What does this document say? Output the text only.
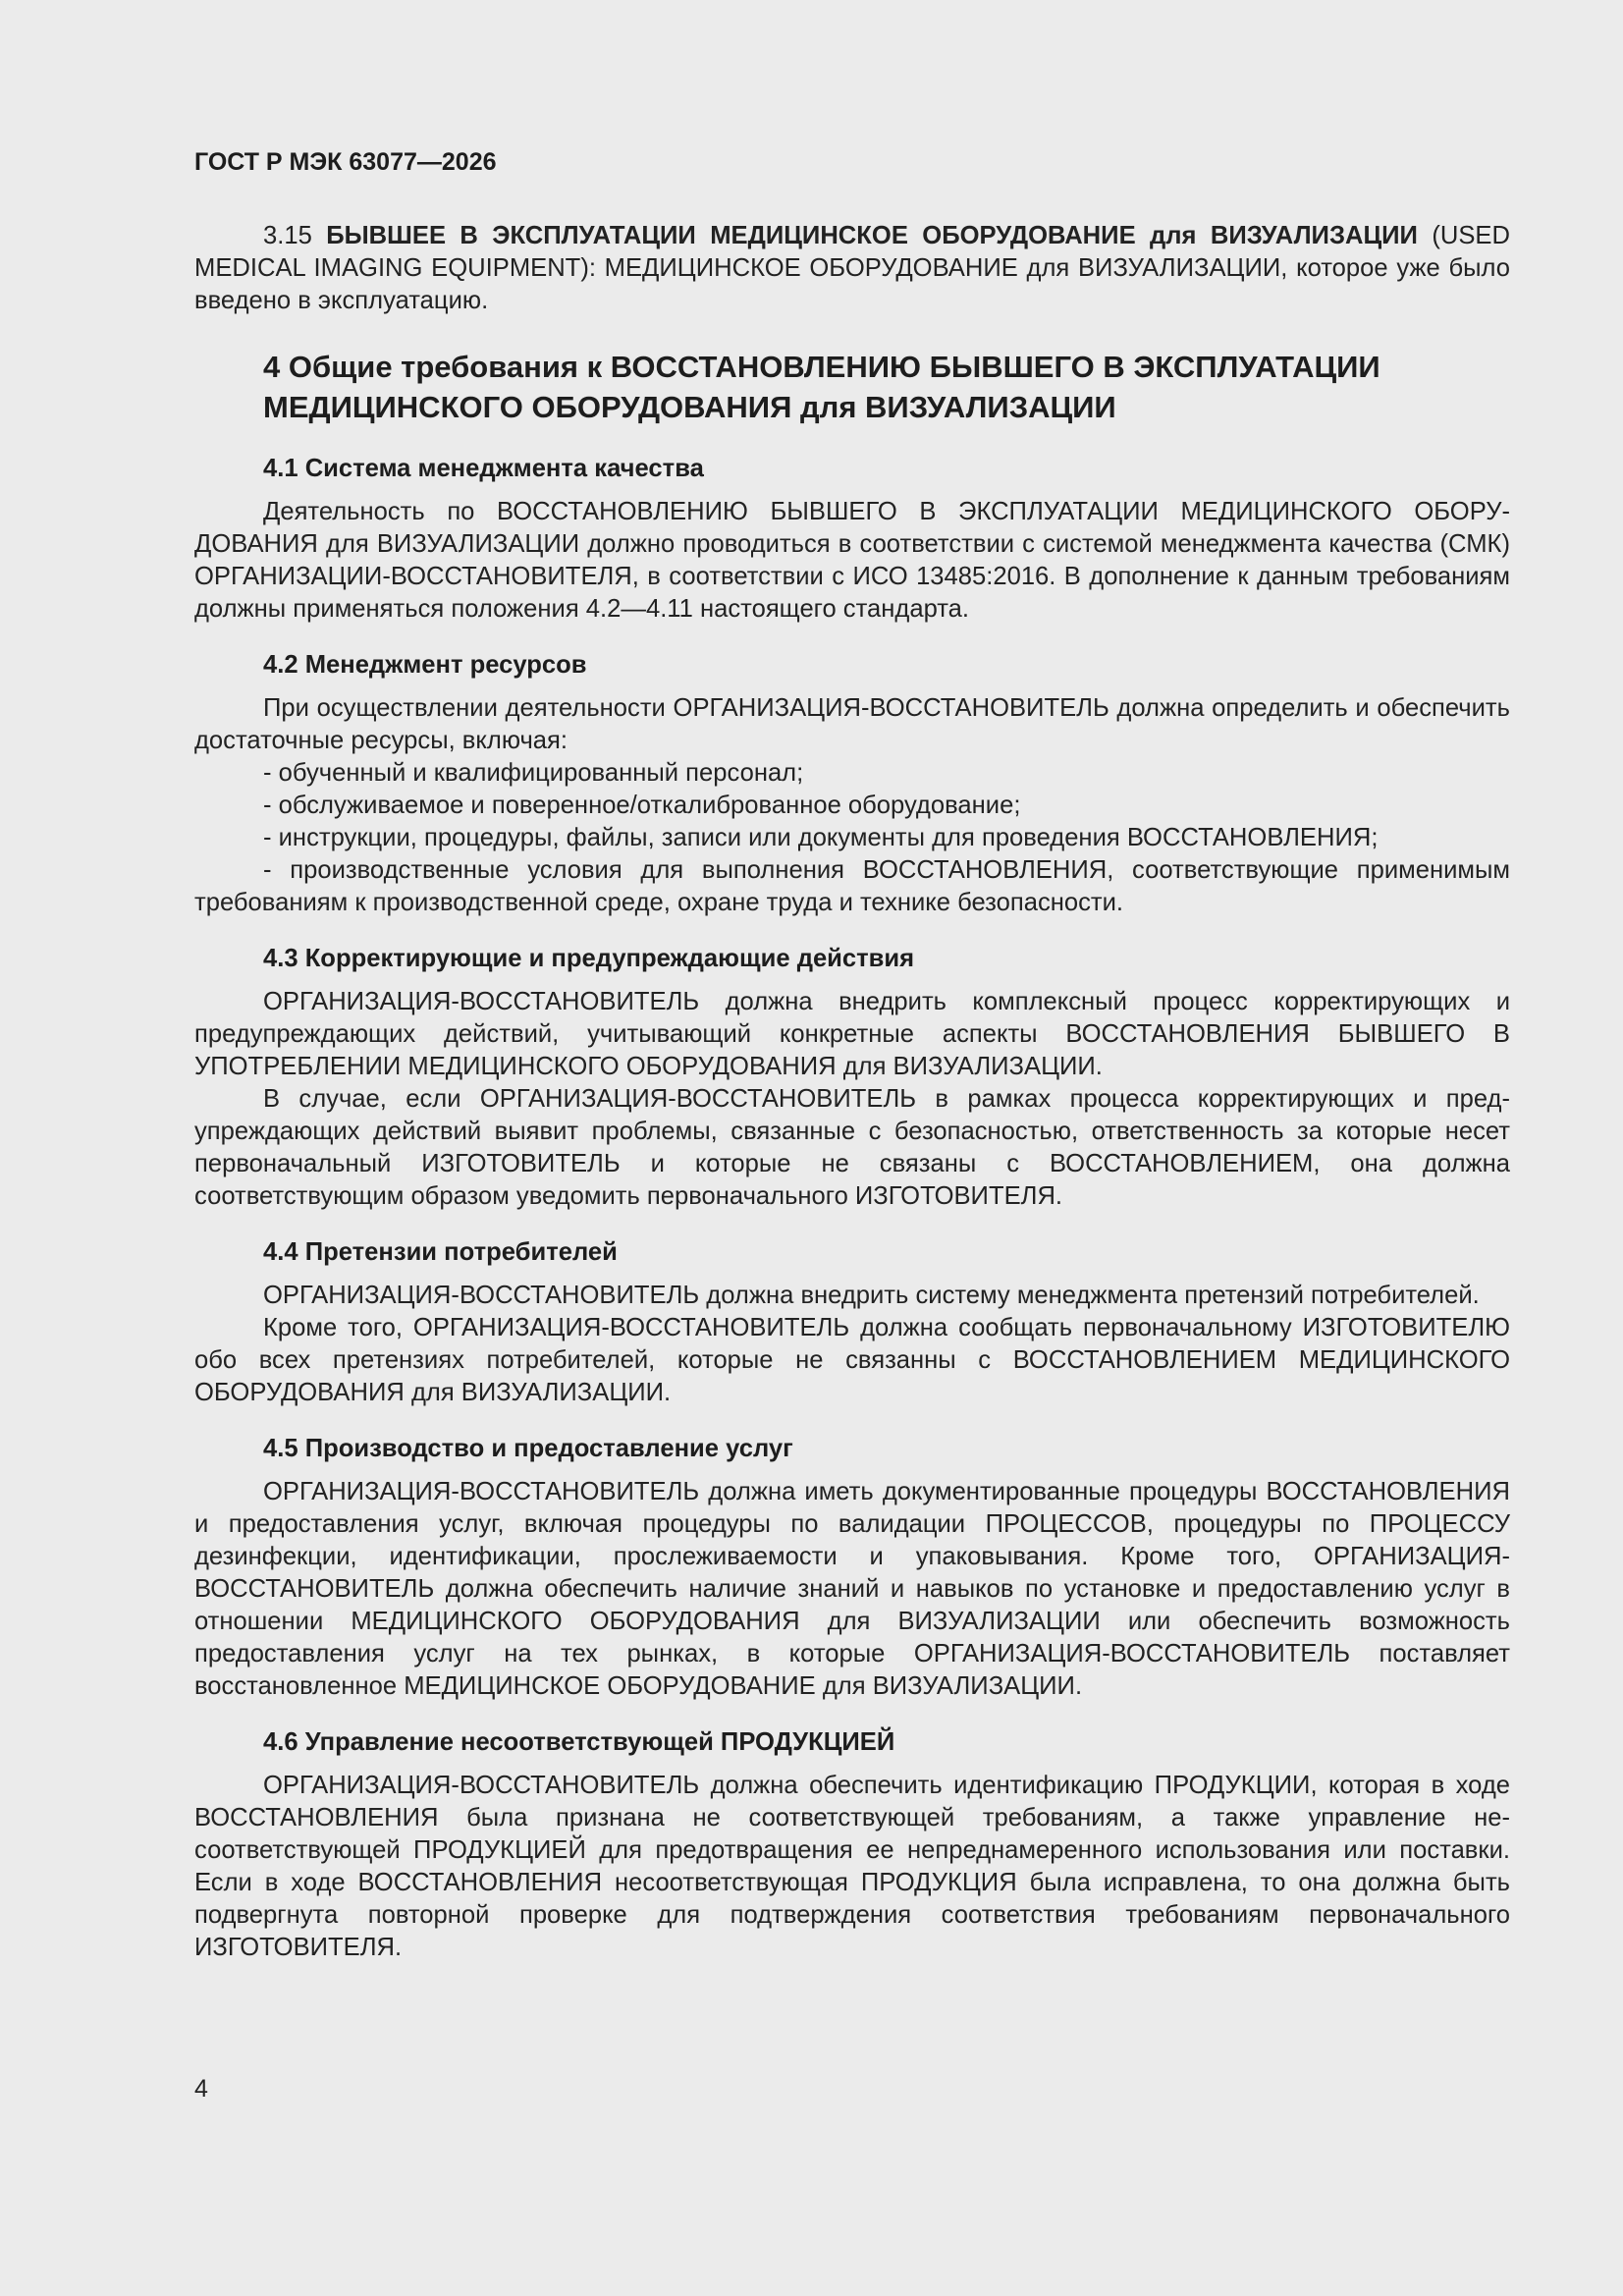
ГОСТ Р МЭК 63077—2026

3.15 БЫВШЕЕ В ЭКСПЛУАТАЦИИ МЕДИЦИНСКОЕ ОБОРУДОВАНИЕ для ВИЗУАЛИЗАЦИИ (USED MEDICAL IMAGING EQUIPMENT): МЕДИЦИНСКОЕ ОБОРУДОВАНИЕ для ВИЗУАЛИЗАЦИИ, которое уже было введено в эксплуатацию.

4 Общие требования к ВОССТАНОВЛЕНИЮ БЫВШЕГО В ЭКСПЛУАТАЦИИ МЕДИЦИНСКОГО ОБОРУДОВАНИЯ для ВИЗУАЛИЗАЦИИ
4.1 Система менеджмента качества

Деятельность по ВОССТАНОВЛЕНИЮ БЫВШЕГО В ЭКСПЛУАТАЦИИ МЕДИЦИНСКОГО ОБОРУДОВАНИЯ для ВИЗУАЛИЗАЦИИ должно проводиться в соответствии с системой менеджмента качества (СМК) ОРГАНИЗАЦИИ-ВОССТАНОВИТЕЛЯ, в соответствии с ИСО 13485:2016. В дополнение к данным требованиям должны применяться положения 4.2—4.11 настоящего стандарта.

4.2 Менеджмент ресурсов

При осуществлении деятельности ОРГАНИЗАЦИЯ-ВОССТАНОВИТЕЛЬ должна определить и обеспечить достаточные ресурсы, включая:

- обученный и квалифицированный персонал;
- обслуживаемое и поверенное/откалиброванное оборудование;
- инструкции, процедуры, файлы, записи или документы для проведения ВОССТАНОВЛЕНИЯ;
- производственные условия для выполнения ВОССТАНОВЛЕНИЯ, соответствующие применимым требованиям к производственной среде, охране труда и технике безопасности.
4.3 Корректирующие и предупреждающие действия

ОРГАНИЗАЦИЯ-ВОССТАНОВИТЕЛЬ должна внедрить комплексный процесс корректирующих и предупреждающих действий, учитывающий конкретные аспекты ВОССТАНОВЛЕНИЯ БЫВШЕГО В УПОТРЕБЛЕНИИ МЕДИЦИНСКОГО ОБОРУДОВАНИЯ для ВИЗУАЛИЗАЦИИ.

В случае, если ОРГАНИЗАЦИЯ-ВОССТАНОВИТЕЛЬ в рамках процесса корректирующих и предупреждающих действий выявит проблемы, связанные с безопасностью, ответственность за которые несет первоначальный ИЗГОТОВИТЕЛЬ и которые не связаны с ВОССТАНОВЛЕНИЕМ, она должна соответствующим образом уведомить первоначального ИЗГОТОВИТЕЛЯ.

4.4 Претензии потребителей

ОРГАНИЗАЦИЯ-ВОССТАНОВИТЕЛЬ должна внедрить систему менеджмента претензий потребителей.

Кроме того, ОРГАНИЗАЦИЯ-ВОССТАНОВИТЕЛЬ должна сообщать первоначальному ИЗГОТОВИТЕЛЮ обо всех претензиях потребителей, которые не связанны с ВОССТАНОВЛЕНИЕМ МЕДИЦИНСКОГО ОБОРУДОВАНИЯ для ВИЗУАЛИЗАЦИИ.

4.5 Производство и предоставление услуг

ОРГАНИЗАЦИЯ-ВОССТАНОВИТЕЛЬ должна иметь документированные процедуры ВОССТАНОВЛЕНИЯ и предоставления услуг, включая процедуры по валидации ПРОЦЕССОВ, процедуры по ПРОЦЕССУ дезинфекции, идентификации, прослеживаемости и упаковывания. Кроме того, ОРГАНИЗАЦИЯ-ВОССТАНОВИТЕЛЬ должна обеспечить наличие знаний и навыков по установке и предоставлению услуг в отношении МЕДИЦИНСКОГО ОБОРУДОВАНИЯ для ВИЗУАЛИЗАЦИИ или обеспечить возможность предоставления услуг на тех рынках, в которые ОРГАНИЗАЦИЯ-ВОССТАНОВИТЕЛЬ поставляет восстановленное МЕДИЦИНСКОЕ ОБОРУДОВАНИЕ для ВИЗУАЛИЗАЦИИ.

4.6 Управление несоответствующей ПРОДУКЦИЕЙ

ОРГАНИЗАЦИЯ-ВОССТАНОВИТЕЛЬ должна обеспечить идентификацию ПРОДУКЦИИ, которая в ходе ВОССТАНОВЛЕНИЯ была признана не соответствующей требованиям, а также управление несоответствующей ПРОДУКЦИЕЙ для предотвращения ее непреднамеренного использования или поставки. Если в ходе ВОССТАНОВЛЕНИЯ несоответствующая ПРОДУКЦИЯ была исправлена, то она должна быть подвергнута повторной проверке для подтверждения соответствия требованиям первоначального ИЗГОТОВИТЕЛЯ.

4
